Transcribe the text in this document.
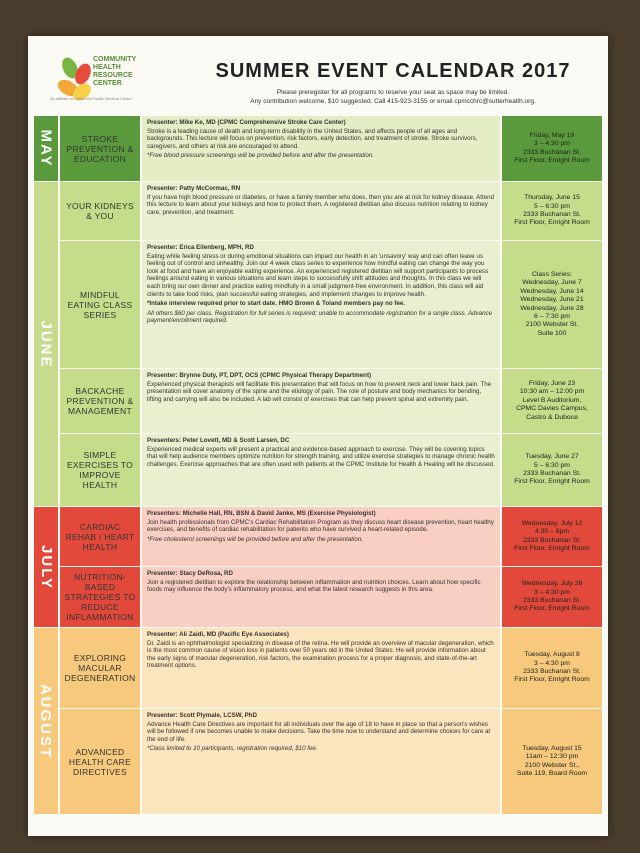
COMMUNITY
HEALTH
RESOURCE
CENTER
An affiliate of California Pacific Medical Center
SUMMER EVENT CALENDAR 2017
Please preregister for all programs to reserve your seat as space may be limited.
Any contribution welcome, $10 suggested. Call 415-923-3155 or email cpmcchrc@sutterhealth.org.
MAY
JUNE
JULY
AUGUST
STROKE PREVENTION & EDUCATION
Presenter: Mike Ke, MD (CPMC Comprehensive Stroke Care Center)
Stroke is a leading cause of death and long-term disability in the United States, and affects people of all ages and backgrounds. This lecture will focus on prevention, risk factors, early detection, and treatment of stroke. Stroke survivors, caregivers, and others at risk are encouraged to attend.
*Free blood pressure screenings will be provided before and after the presentation.
Friday, May 19
3 – 4:30 pm
2333 Buchanan St.
First Floor, Enright Room
YOUR KIDNEYS & YOU
Presenter: Patty McCormac, RN
If you have high blood pressure or diabetes, or have a family member who does, then you are at risk for kidney disease. Attend this lecture to learn about your kidneys and how to protect them. A registered dietitian also discuss nutrition relating to kidney care, prevention, and treatment.
Thursday, June 15
5 – 6:30 pm
2333 Buchanan St.
First Floor, Enright Room
MINDFUL EATING CLASS SERIES
Presenter: Erica Eilenberg, MPH, RD
Eating while feeling stress or during emotional situations can impact our health in an 'unsavory' way and can often leave us feeling out of control and unhealthy. Join our 4 week class series to experience how mindful eating can change the way you look at food and have an enjoyable eating experience. An experienced registered dietitian will support participants to process feelings around eating in various situations and learn steps to successfully shift attitudes and thoughts. In this class we will each bring our own dinner and practice eating mindfully in a small judgment-free environment. In addition, this class will aid clients to take food risks, plan successful eating strategies, and implement changes to improve health.
*Intake interview required prior to start date. HMO Brown & Toland members pay no fee.
All others $60 per class. Registration for full series is required; unable to accommodate registration for a single class. Advance payment/enrollment required.
Class Series:
Wednesday, June 7
Wednesday, June 14
Wednesday, June 21
Wednesday, June 28
6 – 7:30 pm
2100 Webster St.
Suite 100
BACKACHE PREVENTION & MANAGEMENT
Presenter: Brynne Duty, PT, DPT, OCS (CPMC Physical Therapy Department)
Experienced physical therapists will facilitate this presentation that will focus on how to prevent neck and lower back pain. The presentation will cover anatomy of the spine and the etiology of pain. The role of posture and body mechanics for bending, lifting and carrying will also be included. A lab will consist of exercises that can help prevent spinal and extremity pain.
Friday, June 23
10:30 am – 12:00 pm
Level B Auditorium,
CPMC Davies Campus,
Castro & Duboce
SIMPLE EXERCISES TO IMPROVE HEALTH
Presenters: Peter Lovett, MD & Scott Larsen, DC
Experienced medical experts will present a practical and evidence-based approach to exercise. They will be covering topics that will help audience members optimize nutrition for strength training, and utilize exercise strategies to manage chronic health challenges. Exercise approaches that are often used with patients at the CPMC Institute for Health & Healing will be discussed.
Tuesday, June 27
5 – 6:30 pm
2333 Buchanan St.
First Floor, Enright Room
CARDIAC REHAB / HEART HEALTH
Presenters: Michelle Hall, RN, BSN & David Janke, MS (Exercise Physiologist)
Join health professionals from CPMC's Cardiac Rehabilitation Program as they discuss heart disease prevention, heart healthy exercises, and benefits of cardiac rehabilitation for patients who have survived a heart-related episode.
*Free cholesterol screenings will be provided before and after the presentation.
Wednesday, July 12
4:30 – 6pm
2333 Buchanan St.
First Floor, Enright Room
NUTRITION-BASED STRATEGIES TO REDUCE INFLAMMATION
Presenter: Stacy DeRosa, RD
Join a registered dietitian to explore the relationship between inflammation and nutrition choices. Learn about how specific foods may influence the body's inflammatory process, and what the latest research suggests in this area.
Wednesday, July 26
3 – 4:30 pm
2333 Buchanan St.
First Floor, Enright Room
EXPLORING MACULAR DEGENERATION
Presenter: Ali Zaidi, MD (Pacific Eye Associates)
Dr. Zaidi is an ophthalmologist specializing in disease of the retina. He will provide an overview of macular degeneration, which is the most common cause of vision loss in patients over 50 years old in the United States. He will provide information about the early signs of macular degeneration, risk factors, the examination process for a proper diagnosis, and state-of-the-art treatment options.
Tuesday, August 8
3 – 4:30 pm
2333 Buchanan St.
First Floor, Enright Room
ADVANCED HEALTH CARE DIRECTIVES
Presenter: Scott Plymale, LCSW, PhD
Advance Health Care Directives are important for all individuals over the age of 18 to have in place so that a person's wishes will be followed if one becomes unable to make decisions. Take the time now to understand and determine choices for care at the end of life.
*Class limited to 10 participants, registration required, $10 fee.	Tuesday, August 15
11am – 12:30 pm
2100 Webster St.,
Suite 119, Board Room
